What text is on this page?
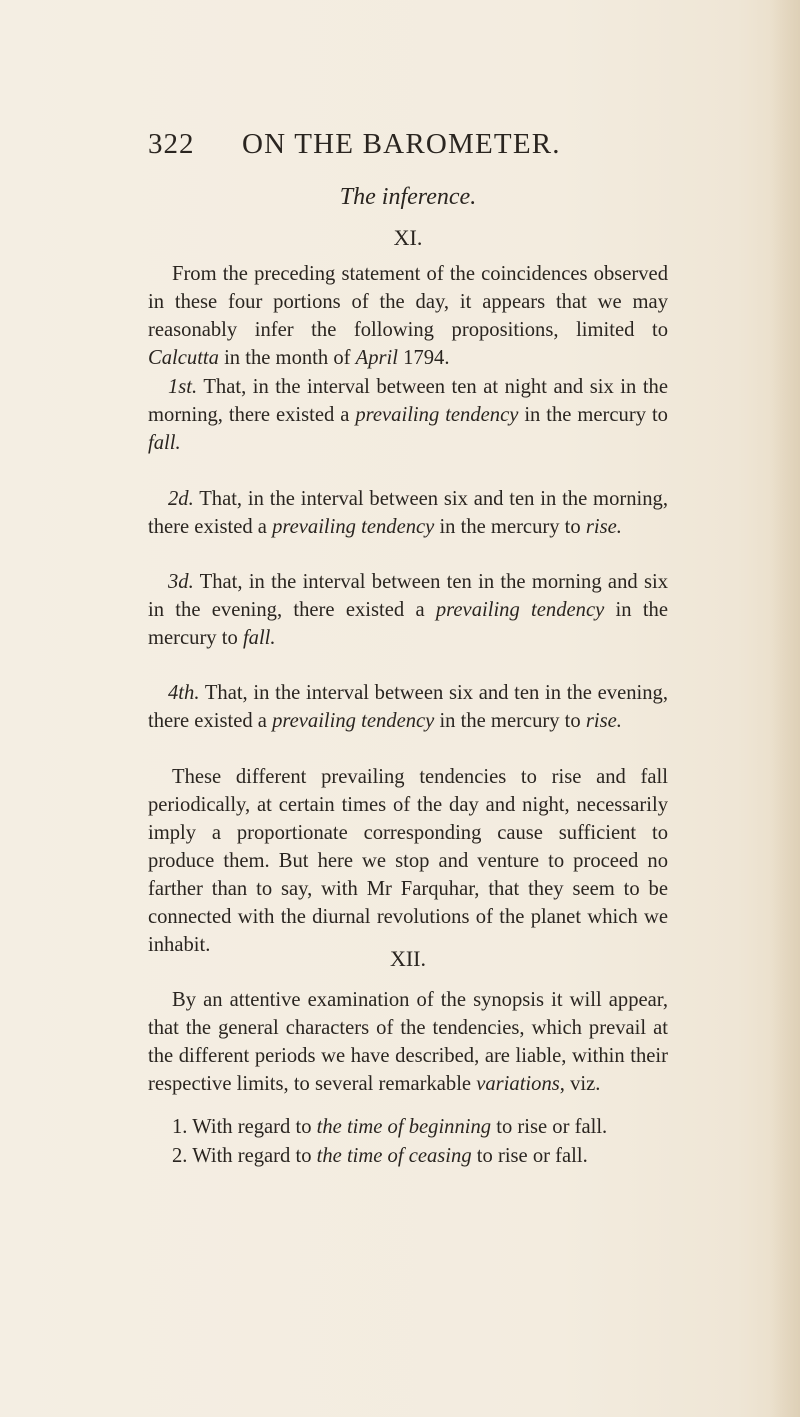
322 ON THE BAROMETER.
The inference.
XI.

From the preceding statement of the coincidences observed in these four portions of the day, it appears that we may reasonably infer the following propositions, limited to Calcutta in the month of April 1794.

1st. That, in the interval between ten at night and six in the morning, there existed a prevailing tendency in the mercury to fall.

2d. That, in the interval between six and ten in the morning, there existed a prevailing tendency in the mercury to rise.

3d. That, in the interval between ten in the morning and six in the evening, there existed a prevailing tendency in the mercury to fall.

4th. That, in the interval between six and ten in the evening, there existed a prevailing tendency in the mercury to rise.

These different prevailing tendencies to rise and fall periodically, at certain times of the day and night, necessarily imply a proportionate corresponding cause sufficient to produce them. But here we stop and venture to proceed no farther than to say, with Mr Farquhar, that they seem to be connected with the diurnal revolutions of the planet which we inhabit.

XII.

By an attentive examination of the synopsis it will appear, that the general characters of the tendencies, which prevail at the different periods we have described, are liable, within their respective limits, to several remarkable variations, viz.

1. With regard to the time of beginning to rise or fall.
2. With regard to the time of ceasing to rise or fall.
